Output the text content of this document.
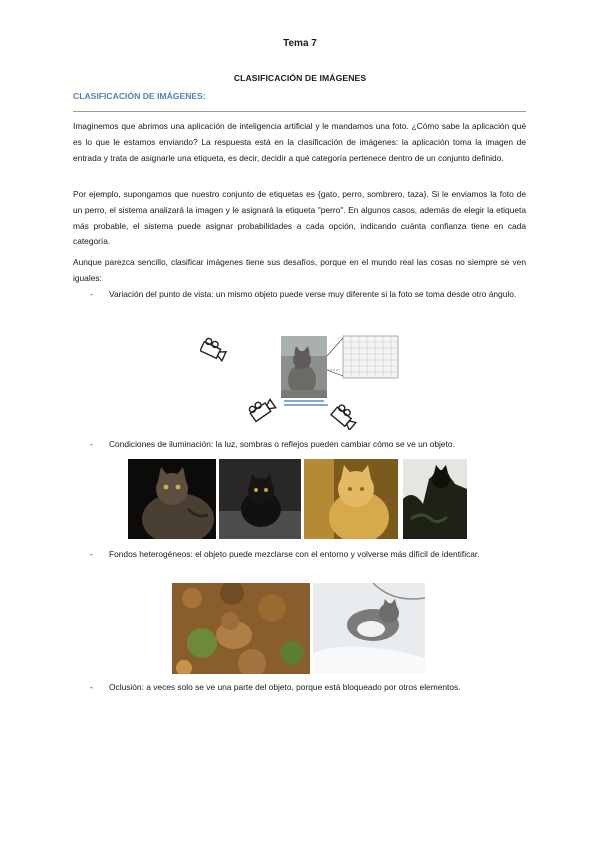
Tema 7
CLASIFICACIÓN DE IMÁGENES
CLASIFICACIÓN DE IMÁGENES:

Imaginemos que abrimos una aplicación de inteligencia artificial y le mandamos una foto. ¿Cómo sabe la aplicación qué es lo que le estamos enviando? La respuesta está en la clasificación de imágenes: la aplicación toma la imagen de entrada y trata de asignarle una etiqueta, es decir, decidir a qué categoría pertenece dentro de un conjunto definido.

Por ejemplo, supongamos que nuestro conjunto de etiquetas es {gato, perro, sombrero, taza}. Si le enviamos la foto de un perro, el sistema analizará la imagen y le asignará la etiqueta "perro". En algunos casos, además de elegir la etiqueta más probable, el sistema puede asignar probabilidades a cada opción, indicando cuánta confianza tiene en cada categoría.

Aunque parezca sencillo, clasificar imágenes tiene sus desafíos, porque en el mundo real las cosas no siempre se ven iguales:

- Variación del punto de vista: un mismo objeto puede verse muy diferente si la foto se toma desde otro ángulo.
- Condiciones de iluminación: la luz, sombras o reflejos pueden cambiar cómo se ve un objeto.
- Fondos heterogéneos: el objeto puede mezclarse con el entorno y volverse más difícil de identificar.
- Oclusión: a veces solo se ve una parte del objeto, porque está bloqueado por otros elementos.
